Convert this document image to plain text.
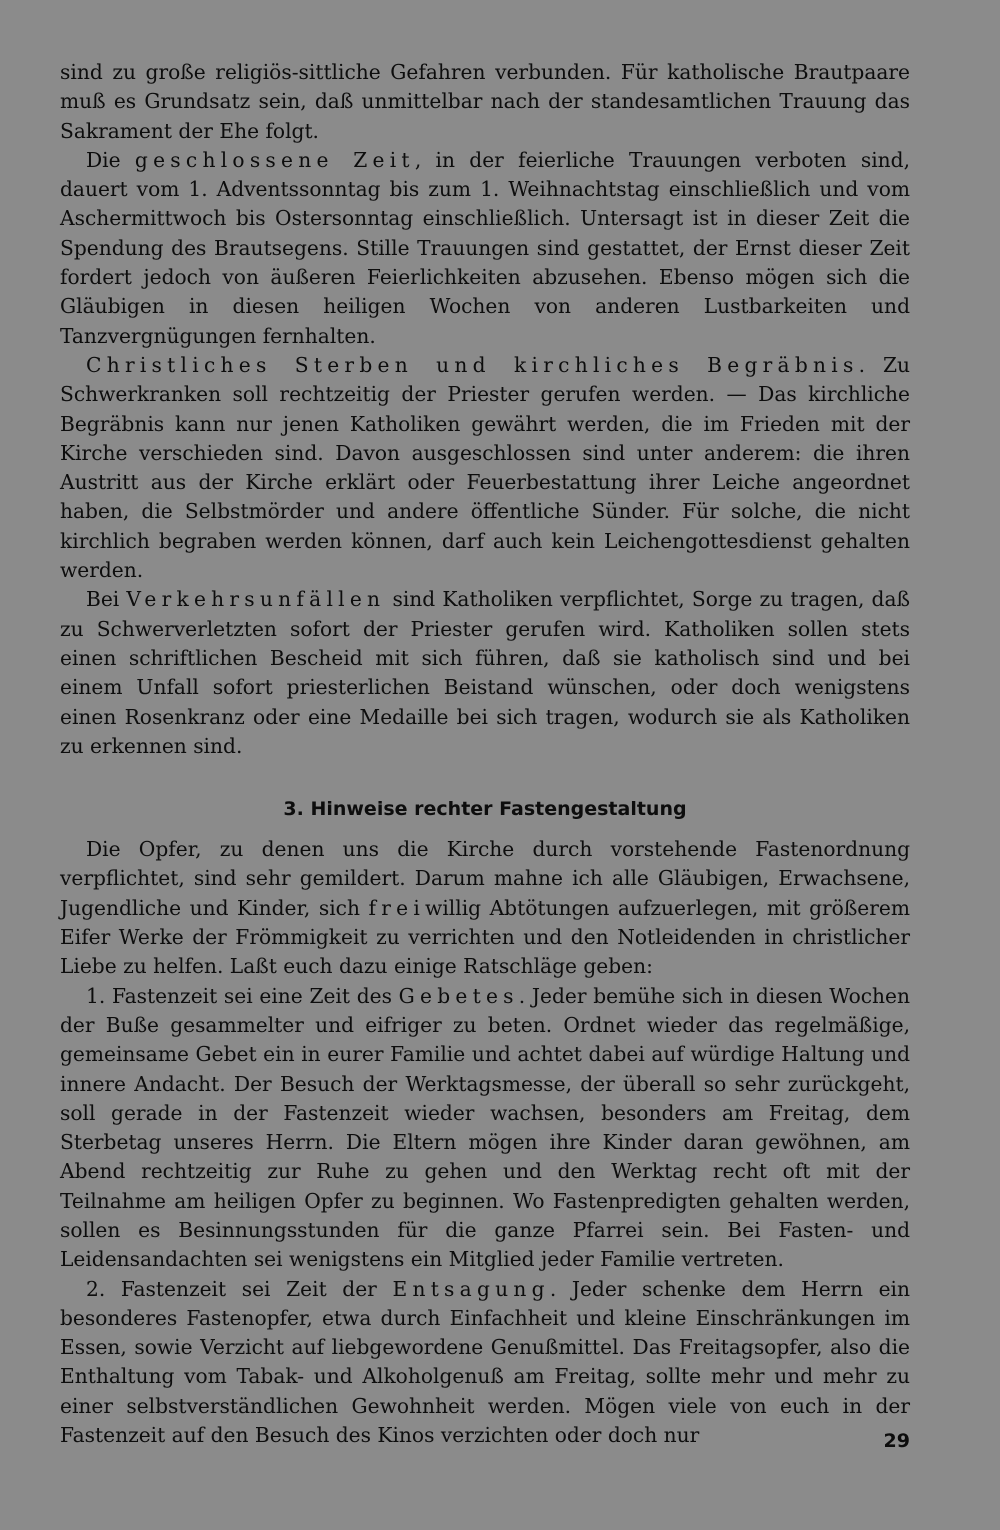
sind zu große religiös-sittliche Gefahren verbunden. Für katholische Brautpaare muß es Grundsatz sein, daß unmittelbar nach der standesamtlichen Trauung das Sakrament der Ehe folgt.

Die geschlossene Zeit, in der feierliche Trauungen verboten sind, dauert vom 1. Adventssonntag bis zum 1. Weihnachtstag einschließlich und vom Aschermittwoch bis Ostersonntag einschließlich. Untersagt ist in dieser Zeit die Spendung des Brautsegens. Stille Trauungen sind gestattet, der Ernst dieser Zeit fordert jedoch von äußeren Feierlichkeiten abzusehen. Ebenso mögen sich die Gläubigen in diesen heiligen Wochen von anderen Lustbarkeiten und Tanzvergnügungen fernhalten.

Christliches Sterben und kirchliches Begräbnis. Zu Schwerkranken soll rechtzeitig der Priester gerufen werden. — Das kirchliche Begräbnis kann nur jenen Katholiken gewährt werden, die im Frieden mit der Kirche verschieden sind. Davon ausgeschlossen sind unter anderem: die ihren Austritt aus der Kirche erklärt oder Feuerbestattung ihrer Leiche angeordnet haben, die Selbstmörder und andere öffentliche Sünder. Für solche, die nicht kirchlich begraben werden können, darf auch kein Leichengottesdienst gehalten werden.

Bei Verkehrsunfällen sind Katholiken verpflichtet, Sorge zu tragen, daß zu Schwerverletzten sofort der Priester gerufen wird. Katholiken sollen stets einen schriftlichen Bescheid mit sich führen, daß sie katholisch sind und bei einem Unfall sofort priesterlichen Beistand wünschen, oder doch wenigstens einen Rosenkranz oder eine Medaille bei sich tragen, wodurch sie als Katholiken zu erkennen sind.

3. Hinweise rechter Fastengestaltung

Die Opfer, zu denen uns die Kirche durch vorstehende Fastenordnung verpflichtet, sind sehr gemildert. Darum mahne ich alle Gläubigen, Erwachsene, Jugendliche und Kinder, sich freiwillig Abtötungen aufzuerlegen, mit größerem Eifer Werke der Frömmigkeit zu verrichten und den Notleidenden in christlicher Liebe zu helfen. Laßt euch dazu einige Ratschläge geben:

1. Fastenzeit sei eine Zeit des Gebetes. Jeder bemühe sich in diesen Wochen der Buße gesammelter und eifriger zu beten. Ordnet wieder das regelmäßige, gemeinsame Gebet ein in eurer Familie und achtet dabei auf würdige Haltung und innere Andacht. Der Besuch der Werktagsmesse, der überall so sehr zurückgeht, soll gerade in der Fastenzeit wieder wachsen, besonders am Freitag, dem Sterbetag unseres Herrn. Die Eltern mögen ihre Kinder daran gewöhnen, am Abend rechtzeitig zur Ruhe zu gehen und den Werktag recht oft mit der Teilnahme am heiligen Opfer zu beginnen. Wo Fastenpredigten gehalten werden, sollen es Besinnungsstunden für die ganze Pfarrei sein. Bei Fasten- und Leidensandachten sei wenigstens ein Mitglied jeder Familie vertreten.

2. Fastenzeit sei Zeit der Entsagung. Jeder schenke dem Herrn ein besonderes Fastenopfer, etwa durch Einfachheit und kleine Einschränkungen im Essen, sowie Verzicht auf liebgewordene Genußmittel. Das Freitagsopfer, also die Enthaltung vom Tabak- und Alkoholgenuß am Freitag, sollte mehr und mehr zu einer selbstverständlichen Gewohnheit werden. Mögen viele von euch in der Fastenzeit auf den Besuch des Kinos verzichten oder doch nur	29
